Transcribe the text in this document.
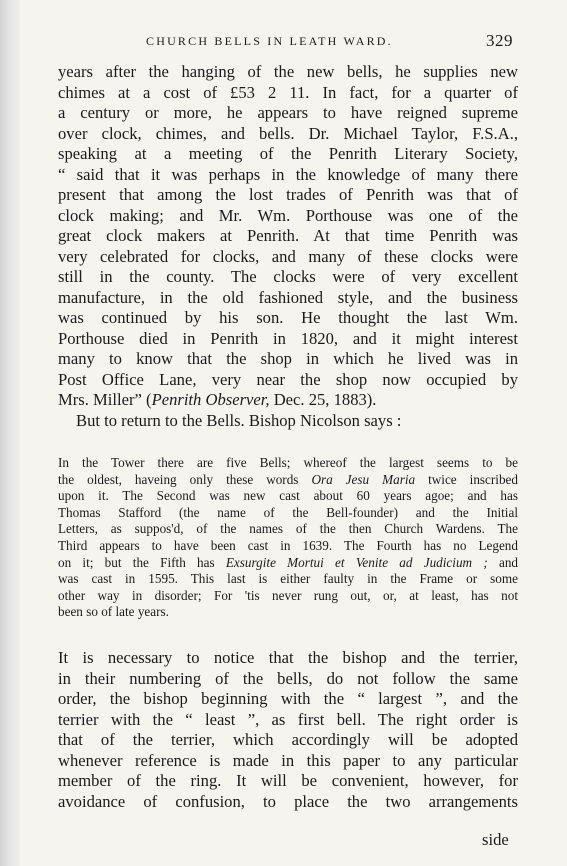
CHURCH BELLS IN LEATH WARD.	329
years after the hanging of the new bells, he supplies new
chimes at a cost of £53 2 11. In fact, for a quarter of
a century or more, he appears to have reigned supreme
over clock, chimes, and bells. Dr. Michael Taylor, F.S.A.,
speaking at a meeting of the Penrith Literary Society,
“ said that it was perhaps in the knowledge of many there
present that among the lost trades of Penrith was that of
clock making; and Mr. Wm. Porthouse was one of the
great clock makers at Penrith. At that time Penrith was
very celebrated for clocks, and many of these clocks were
still in the county. The clocks were of very excellent
manufacture, in the old fashioned style, and the business
was continued by his son. He thought the last Wm.
Porthouse died in Penrith in 1820, and it might interest
many to know that the shop in which he lived was in
Post Office Lane, very near the shop now occupied by
Mrs. Miller” (Penrith Observer, Dec. 25, 1883).
But to return to the Bells. Bishop Nicolson says :
In the Tower there are five Bells; whereof the largest seems to be
the oldest, haveing only these words Ora Jesu Maria twice inscribed
upon it. The Second was new cast about 60 years agoe; and has
Thomas Stafford (the name of the Bell-founder) and the Initial
Letters, as suppos'd, of the names of the then Church Wardens. The
Third appears to have been cast in 1639. The Fourth has no Legend
on it; but the Fifth has Exsurgite Mortui et Venite ad Judicium ; and
was cast in 1595. This last is either faulty in the Frame or some
other way in disorder; For 'tis never rung out, or, at least, has not
been so of late years.
It is necessary to notice that the bishop and the terrier,
in their numbering of the bells, do not follow the same
order, the bishop beginning with the “ largest ”, and the
terrier with the “ least ”, as first bell. The right order is
that of the terrier, which accordingly will be adopted
whenever reference is made in this paper to any particular
member of the ring. It will be convenient, however, for
avoidance of confusion, to place the two arrangements
side
